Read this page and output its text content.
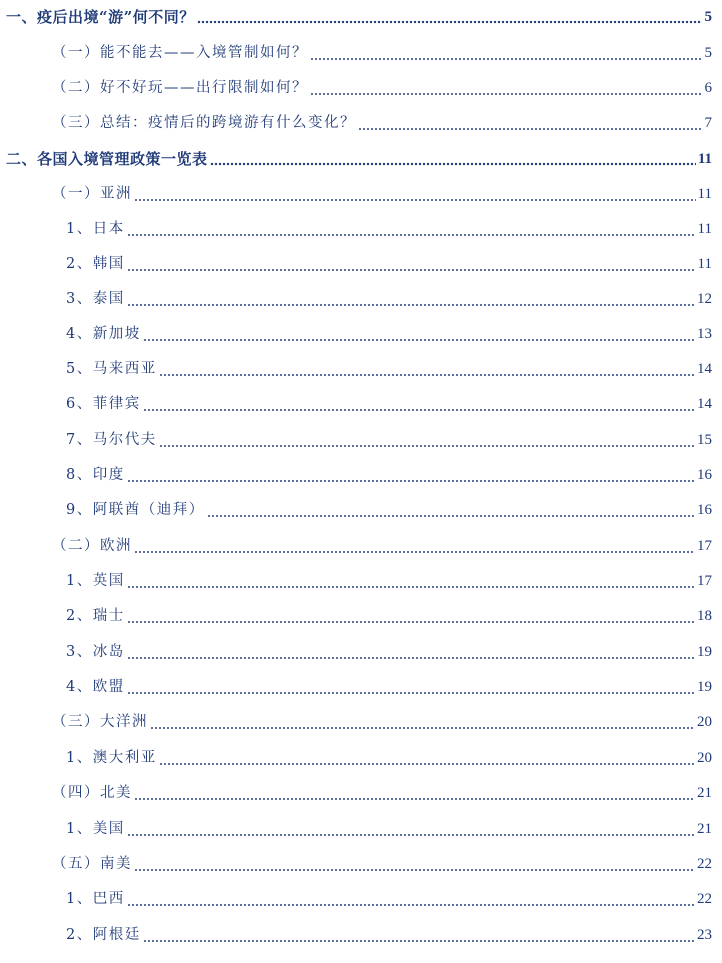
一、疫后出境“游”何不同？	5
（一）能不能去——入境管制如何？	5
（二）好不好玩——出行限制如何？	6
（三）总结：疫情后的跨境游有什么变化？	7
二、各国入境管理政策一览表	11
（一）亚洲	11
1、日本	11
2、韩国	11
3、泰国	12
4、新加坡	13
5、马来西亚	14
6、菲律宾	14
7、马尔代夫	15
8、印度	16
9、阿联酋（迪拜）	16
（二）欧洲	17
1、英国	17
2、瑞士	18
3、冰岛	19
4、欧盟	19
（三）大洋洲	20
1、澳大利亚	20
（四）北美	21
1、美国	21
（五）南美	22
1、巴西	22
2、阿根廷	23
